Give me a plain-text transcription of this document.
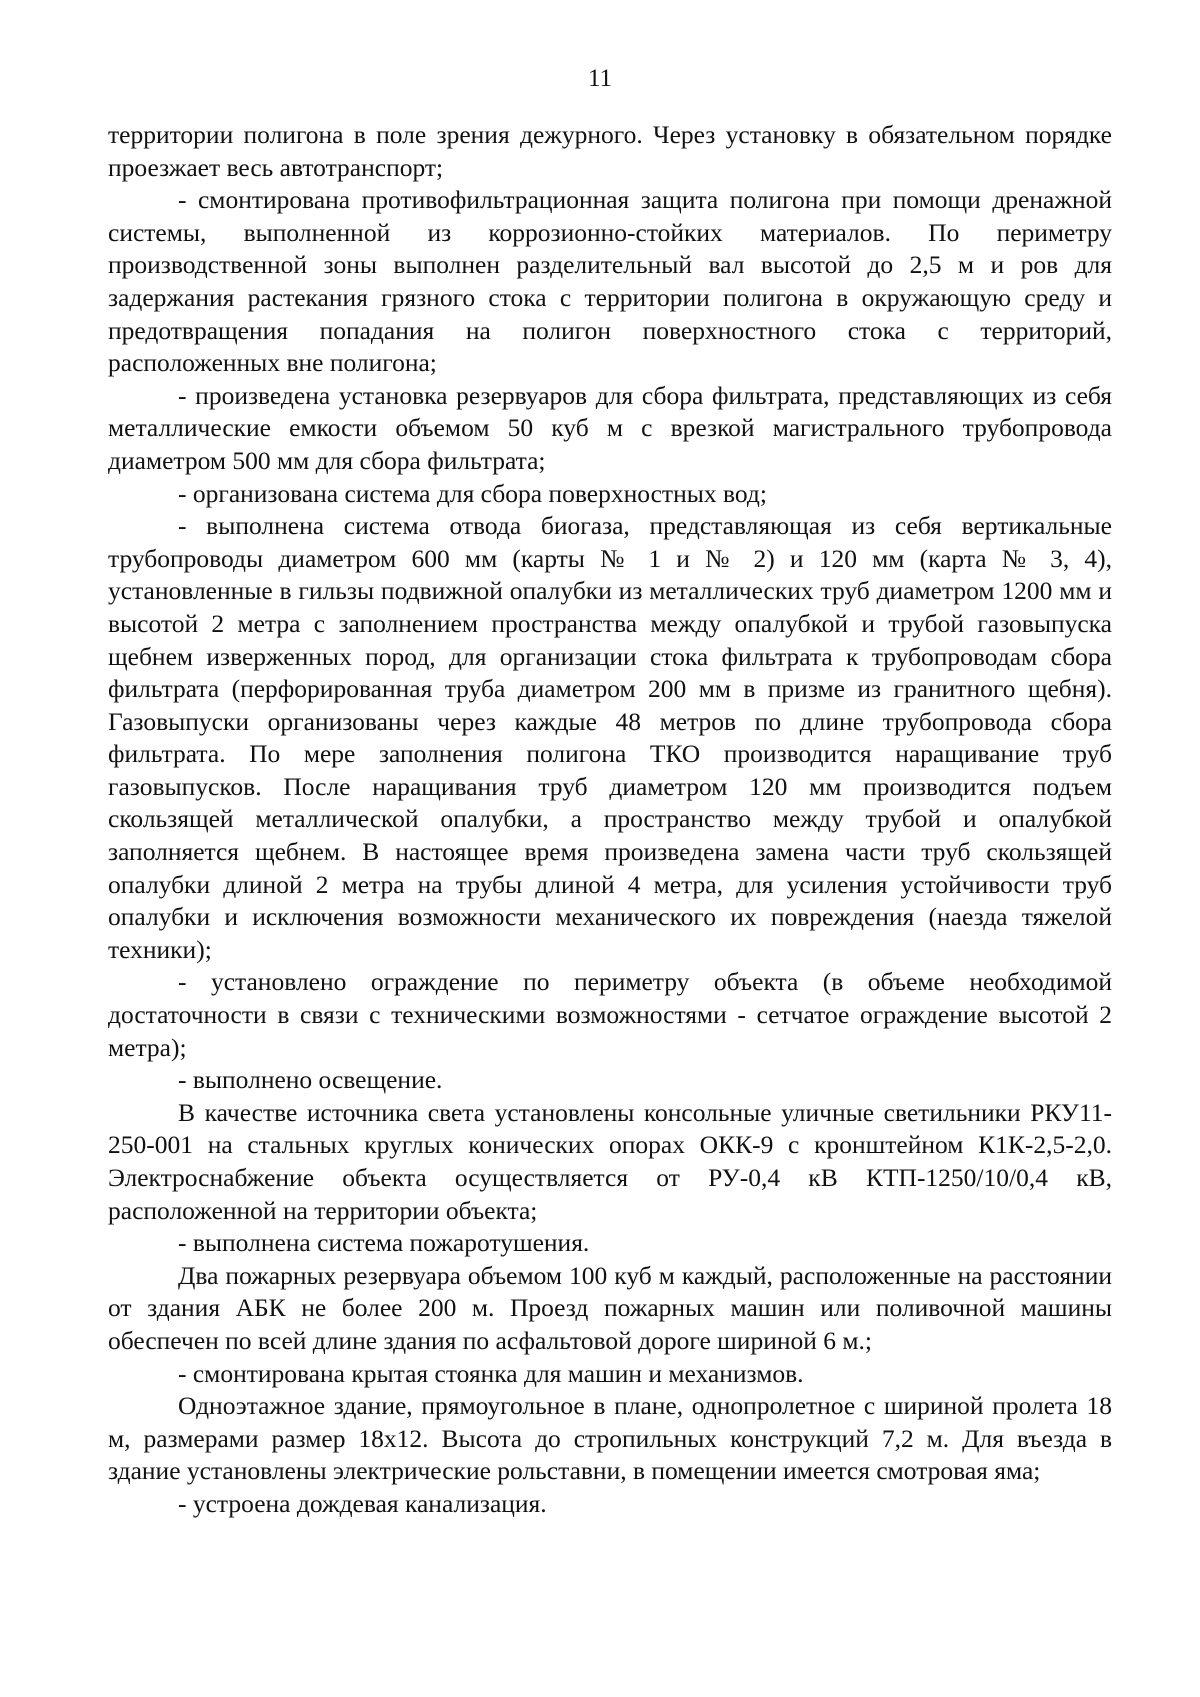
11

территории полигона в поле зрения дежурного. Через установку в обязательном порядке проезжает весь автотранспорт;

- смонтирована противофильтрационная защита полигона при помощи дренажной системы, выполненной из коррозионно-стойких материалов. По периметру производственной зоны выполнен разделительный вал высотой до 2,5 м и ров для задержания растекания грязного стока с территории полигона в окружающую среду и предотвращения попадания на полигон поверхностного стока с территорий, расположенных вне полигона;

- произведена установка резервуаров для сбора фильтрата, представляющих из себя металлические емкости объемом 50 куб м с врезкой магистрального трубопровода диаметром 500 мм для сбора фильтрата;

- организована система для сбора поверхностных вод;

- выполнена система отвода биогаза, представляющая из себя вертикальные трубопроводы диаметром 600 мм (карты № 1 и № 2) и 120 мм (карта № 3, 4), установленные в гильзы подвижной опалубки из металлических труб диаметром 1200 мм и высотой 2 метра с заполнением пространства между опалубкой и трубой газовыпуска щебнем изверженных пород, для организации стока фильтрата к трубопроводам сбора фильтрата (перфорированная труба диаметром 200 мм в призме из гранитного щебня). Газовыпуски организованы через каждые 48 метров по длине трубопровода сбора фильтрата. По мере заполнения полигона ТКО производится наращивание труб газовыпусков. После наращивания труб диаметром 120 мм производится подъем скользящей металлической опалубки, а пространство между трубой и опалубкой заполняется щебнем. В настоящее время произведена замена части труб скользящей опалубки длиной 2 метра на трубы длиной 4 метра, для усиления устойчивости труб опалубки и исключения возможности механического их повреждения (наезда тяжелой техники);

- установлено ограждение по периметру объекта (в объеме необходимой достаточности в связи с техническими возможностями - сетчатое ограждение высотой 2 метра);

- выполнено освещение.

В качестве источника света установлены консольные уличные светильники РКУ11-250-001 на стальных круглых конических опорах ОКК-9 с кронштейном К1К-2,5-2,0. Электроснабжение объекта осуществляется от РУ-0,4 кВ КТП-1250/10/0,4 кВ, расположенной на территории объекта;

- выполнена система пожаротушения.

Два пожарных резервуара объемом 100 куб м каждый, расположенные на расстоянии от здания АБК не более 200 м. Проезд пожарных машин или поливочной машины обеспечен по всей длине здания по асфальтовой дороге шириной 6 м.;

- смонтирована крытая стоянка для машин и механизмов.

Одноэтажное здание, прямоугольное в плане, однопролетное с шириной пролета 18 м, размерами размер 18х12. Высота до стропильных конструкций 7,2 м. Для въезда в здание установлены электрические рольставни, в помещении имеется смотровая яма;

- устроена дождевая канализация.
